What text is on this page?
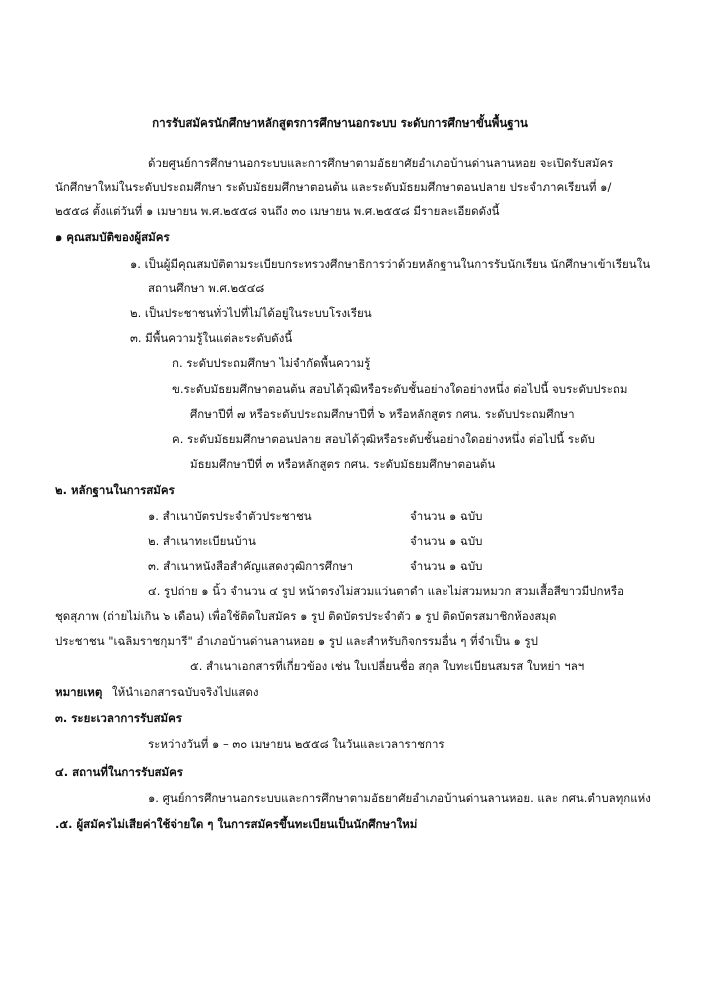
การรับสมัครนักศึกษาหลักสูตรการศึกษานอกระบบ ระดับการศึกษาขั้นพื้นฐาน
ด้วยศูนย์การศึกษานอกระบบและการศึกษาตามอัธยาศัยอำเภอบ้านด่านลานหอย จะเปิดรับสมัคร
นักศึกษาใหม่ในระดับประถมศึกษา ระดับมัธยมศึกษาตอนต้น และระดับมัธยมศึกษาตอนปลาย ประจำภาคเรียนที่ ๑/
๒๕๕๘ ตั้งแต่วันที่ ๑ เมษายน พ.ศ.๒๕๕๘ จนถึง ๓๐ เมษายน พ.ศ.๒๕๕๘ มีรายละเอียดดังนี้
๑ คุณสมบัติของผู้สมัคร
๑. เป็นผู้มีคุณสมบัติตามระเบียบกระทรวงศึกษาธิการว่าด้วยหลักฐานในการรับนักเรียน นักศึกษาเข้าเรียนใน
สถานศึกษา พ.ศ.๒๕๔๘
๒. เป็นประชาชนทั่วไปที่ไม่ได้อยู่ในระบบโรงเรียน
๓. มีพื้นความรู้ในแต่ละระดับดังนี้
ก. ระดับประถมศึกษา ไม่จำกัดพื้นความรู้
ข.ระดับมัธยมศึกษาตอนต้น สอบได้วุฒิหรือระดับชั้นอย่างใดอย่างหนึ่ง ต่อไปนี้ จบระดับประถม
ศึกษาปีที่ ๗ หรือระดับประถมศึกษาปีที่ ๖ หรือหลักสูตร กศน. ระดับประถมศึกษา
ค. ระดับมัธยมศึกษาตอนปลาย สอบได้วุฒิหรือระดับชั้นอย่างใดอย่างหนึ่ง ต่อไปนี้ ระดับ
มัธยมศึกษาปีที่ ๓ หรือหลักสูตร กศน. ระดับมัธยมศึกษาตอนต้น
๒. หลักฐานในการสมัคร
๑. สำเนาบัตรประจำตัวประชาชน	จำนวน ๑ ฉบับ
๒. สำเนาทะเบียนบ้าน	จำนวน ๑ ฉบับ
๓. สำเนาหนังสือสำคัญแสดงวุฒิการศึกษา	จำนวน ๑ ฉบับ
๔. รูปถ่าย ๑ นิ้ว จำนวน ๔ รูป หน้าตรงไม่สวมแว่นตาดำ และไม่สวมหมวก สวมเสื้อสีขาวมีปกหรือ
ชุดสุภาพ (ถ่ายไม่เกิน ๖ เดือน) เพื่อใช้ติดใบสมัคร ๑ รูป ติดบัตรประจำตัว ๑ รูป ติดบัตรสมาชิกห้องสมุด
ประชาชน "เฉลิมราชกุมารี" อำเภอบ้านด่านลานหอย ๑ รูป และสำหรับกิจกรรมอื่น ๆ ที่จำเป็น ๑ รูป
๕. สำเนาเอกสารที่เกี่ยวข้อง เช่น ใบเปลี่ยนชื่อ สกุล ใบทะเบียนสมรส ใบหย่า ฯลฯ
หมายเหตุ ให้นำเอกสารฉบับจริงไปแสดง
๓. ระยะเวลาการรับสมัคร
ระหว่างวันที่ ๑ – ๓๐ เมษายน ๒๕๕๘ ในวันและเวลาราชการ
๔. สถานที่ในการรับสมัคร
๑. ศูนย์การศึกษานอกระบบและการศึกษาตามอัธยาศัยอำเภอบ้านด่านลานหอย. และ กศน.ตำบลทุกแห่ง
.๕. ผู้สมัครไม่เสียค่าใช้จ่ายใด ๆ ในการสมัครขึ้นทะเบียนเป็นนักศึกษาใหม่
